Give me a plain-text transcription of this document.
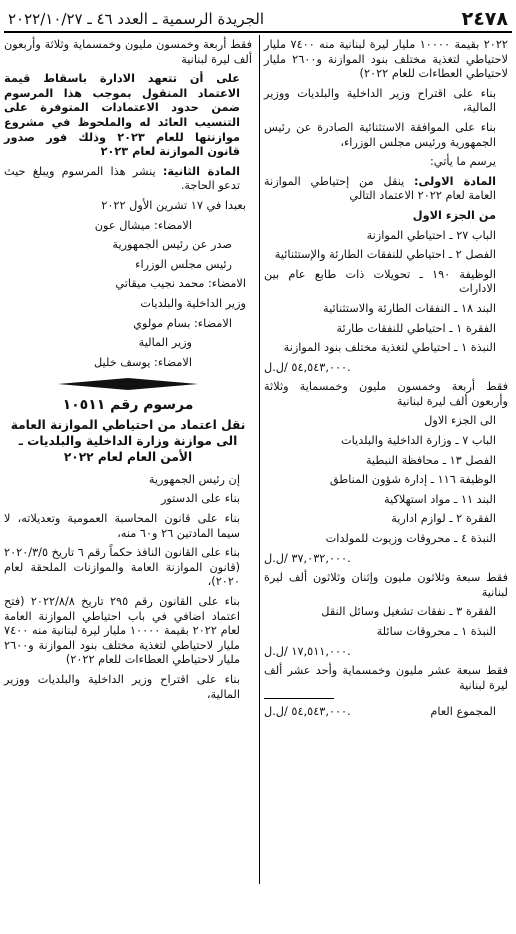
٢٤٧٨
الجريدة الرسمية ـ العدد ٤٦ ـ ٢٠٢٢/١٠/٢٧

٢٠٢٢ بقيمة ١٠٠٠٠ مليار ليرة لبنانية منه ٧٤٠٠ مليار لاحتياطي لتغذية مختلف بنود الموازنة و٢٦٠٠ مليار لاحتياطي العطاءات للعام ٢٠٢٢)

بناء على اقتراح وزير الداخلية والبلديات ووزير المالية،

بناء على الموافقة الاستثنائية الصادرة عن رئيس الجمهورية ورئيس مجلس الوزراء،

يرسم ما يأتي:

المادة الاولى: ينقل من إحتياطي الموازنة العامة لعام ٢٠٢٢ الاعتماد التالي

من الجزء الاول

الباب ٢٧ ـ احتياطي الموازنة

الفصل ٢ ـ احتياطي للنفقات الطارئة والإستثنائية

الوظيفة ١٩٠ ـ تحويلات ذات طابع عام بين الادارات

البند ١٨ ـ النفقات الطارئة والاستثنائية

الفقرة ١ ـ احتياطي للنفقات طارئة

النبذة ١ ـ احتياطي لتغذية مختلف بنود الموازنة

٥٤,٥٤٣,٠٠٠ /ل.ل.

فقط أربعة وخمسون مليون وخمسماية وثلاثة وأربعون ألف ليرة لبنانية

الى الجزء الاول

الباب ٧ ـ وزارة الداخلية والبلديات

الفصل ١٣ ـ محافظة النبطية

الوظيفة ١١٦ ـ إدارة شؤون المناطق

البند ١١ ـ مواد استهلاكية

الفقرة ٢ ـ لوازم ادارية

النبذة ٤ ـ محروقات وزيوت للمولدات

٣٧,٠٣٢,٠٠٠ /ل.ل.

فقط سبعة وثلاثون مليون وإثنان وثلاثون ألف ليرة لبنانية

الفقرة ٣ ـ نفقات تشغيل وسائل النقل

النبذة ١ ـ محروقات سائلة

١٧,٥١١,٠٠٠ /ل.ل.

فقط سبعة عشر مليون وخمسماية وأحد عشر ألف ليرة لبنانية

المجموع العام
٥٤,٥٤٣,٠٠٠ /ل.ل.

فقط أربعة وخمسون مليون وخمسماية وثلاثة وأربعون ألف ليرة لبنانية

على أن تتعهد الادارة باسقاط قيمة الاعتماد المنقول بموجب هذا المرسوم ضمن حدود الاعتمادات المتوفرة على التنسيب العائد له والملحوظ في مشروع موازنتها للعام ٢٠٢٣ وذلك فور صدور قانون الموازنة لعام ٢٠٢٣

المادة الثانية: ينشر هذا المرسوم ويبلغ حيث تدعو الحاجة.

بعبدا في ١٧ تشرين الأول ٢٠٢٢

الامضاء: ميشال عون

صدر عن رئيس الجمهورية

رئيس مجلس الوزراء

الامضاء: محمد نجيب ميقاتي

وزير الداخلية والبلديات

الامضاء: بسام مولوي

وزير المالية

الامضاء: يوسف خليل

مرسوم رقم ١٠٥١١
نقل اعتماد من احتياطي الموازنة العامة الى موازنة وزارة الداخلية والبلديات ـ الأمن العام لعام ٢٠٢٢

إن رئيس الجمهورية

بناء على الدستور

بناء على قانون المحاسبة العمومية وتعديلاته، لا سيما المادتين ٢٦ و٦٠ منه،

بناء على القانون النافذ حكماً رقم ٦ تاريخ ٢٠٢٠/٣/٥ (قانون الموازنة العامة والموازنات الملحقة لعام ٢٠٢٠)،

بناء على القانون رقم ٢٩٥ تاريخ ٢٠٢٢/٨/٨ (فتح اعتماد اضافي في باب احتياطي الموازنة العامة لعام ٢٠٢٢ بقيمة ١٠٠٠٠ مليار ليرة لبنانية منه ٧٤٠٠ مليار لاحتياطي لتغذية مختلف بنود الموازنة و٢٦٠٠ مليار لاحتياطي العطاءات للعام ٢٠٢٢)

بناء على اقتراح وزير الداخلية والبلديات ووزير المالية،
